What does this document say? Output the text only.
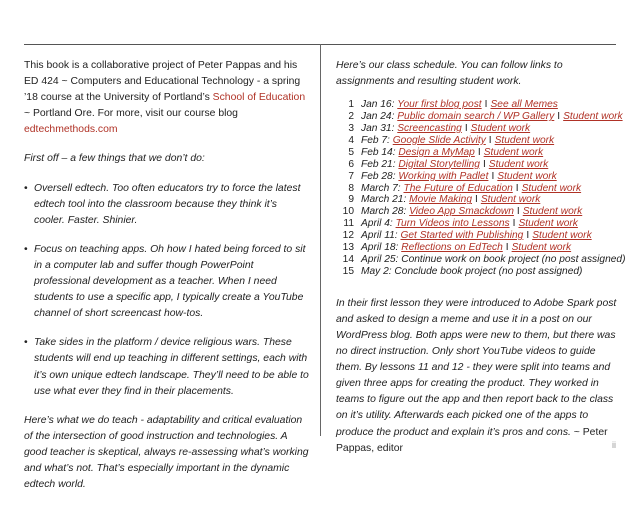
This book is a collaborative project of Peter Pappas and his ED 424 ~ Computers and Educational Technology - a spring ’18 course at the University of Portland’s School of Education ~ Portland Ore. For more, visit our course blog edtechmethods.com

First off – a few things that we don’t do:

• Oversell edtech. Too often educators try to force the latest edtech tool into the classroom because they think it’s cooler. Faster. Shinier.
• Focus on teaching apps. Oh how I hated being forced to sit in a computer lab and suffer though PowerPoint professional development as a teacher. When I need students to use a specific app, I typically create a YouTube channel of short screencast how-tos.
• Take sides in the platform / device religious wars. These students will end up teaching in different settings, each with it’s own unique edtech landscape. They’ll need to be able to use what ever they find in their placements.

Here’s what we do teach - adaptability and critical evaluation of the intersection of good instruction and technologies. A good teacher is skeptical, always re-assessing what’s working and what’s not. That’s especially important in the dynamic edtech world.

Here’s our class schedule. You can follow links to assignments and resulting student work.

1 Jan 16: Your first blog post I See all Memes
2 Jan 24: Public domain search / WP Gallery I Student work
3 Jan 31: Screencasting I Student work
4 Feb 7: Google Slide Activity I Student work
5 Feb 14: Design a MyMap I Student work
6 Feb 21: Digital Storytelling I Student work
7 Feb 28: Working with Padlet I Student work
8 March 7: The Future of Education I Student work
9 March 21: Movie Making I Student work
10 March 28: Video App Smackdown I Student work
11 April 4: Turn Videos into Lessons I Student work
12 April 11: Get Started with Publishing I Student work
13 April 18: Reflections on EdTech I Student work
14 April 25: Continue work on book project (no post assigned)
15 May 2: Conclude book project (no post assigned)

In their first lesson they were introduced to Adobe Spark post and asked to design a meme and use it in a post on our WordPress blog. Both apps were new to them, but there was no direct instruction. Only short YouTube videos to guide them. By lessons 11 and 12 - they were split into teams and given three apps for creating the product. They worked in teams to figure out the app and then report back to the class on it’s utility. Afterwards each picked one of the apps to produce the product and explain it’s pros and cons. ~ Peter Pappas, editor	ii
